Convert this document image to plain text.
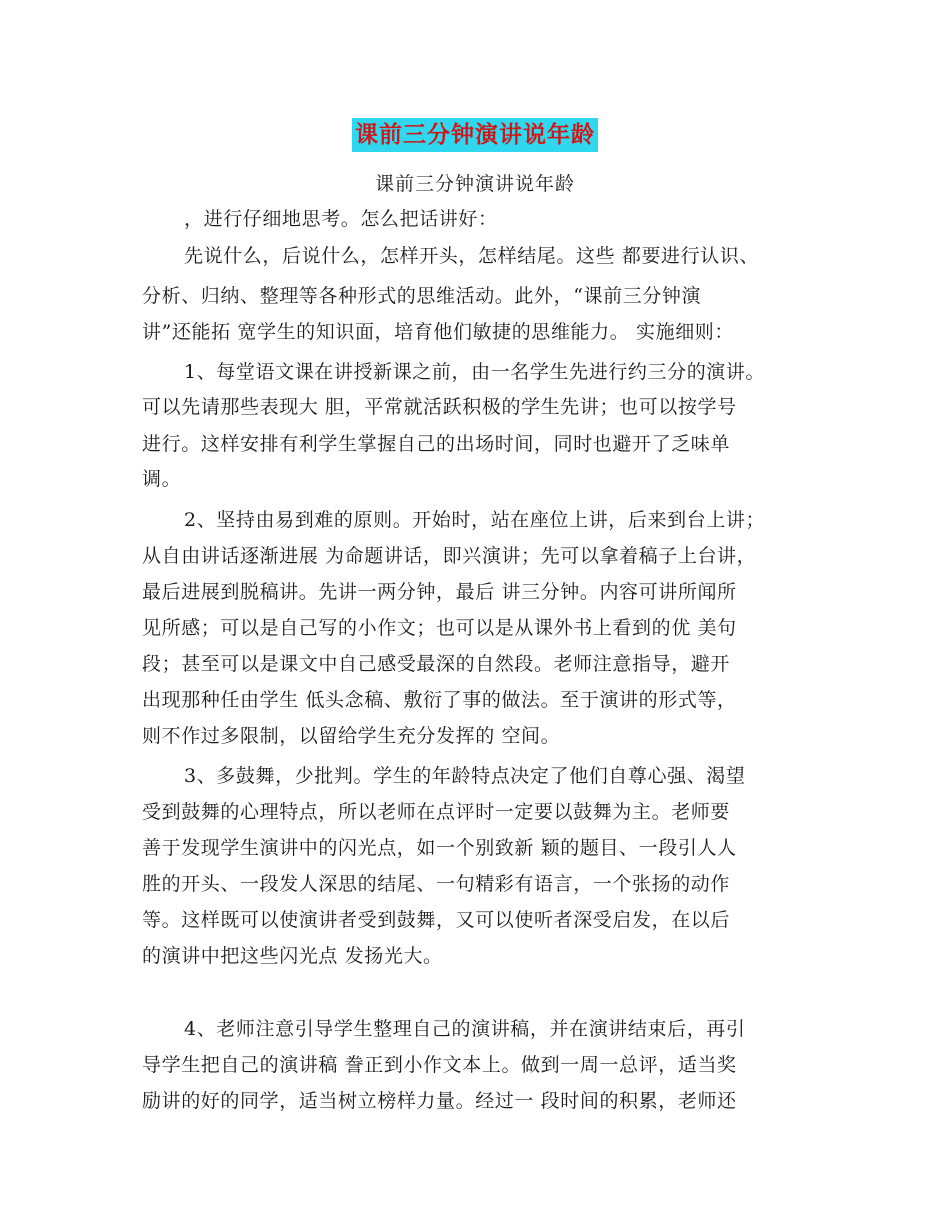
课前三分钟演讲说年龄
课前三分钟演讲说年龄
，进行仔细地思考。怎么把话讲好：
先说什么，后说什么，怎样开头，怎样结尾。这些 都要进行认识、
分析、归纳、整理等各种形式的思维活动。此外，“课前三分钟演
讲”还能拓 宽学生的知识面，培育他们敏捷的思维能力。 实施细则：
1、每堂语文课在讲授新课之前，由一名学生先进行约三分的演讲。
可以先请那些表现大 胆，平常就活跃积极的学生先讲；也可以按学号
进行。这样安排有利学生掌握自己的出场时间，同时也避开了乏味单
调。
2、坚持由易到难的原则。开始时，站在座位上讲，后来到台上讲；
从自由讲话逐渐进展 为命题讲话，即兴演讲；先可以拿着稿子上台讲，
最后进展到脱稿讲。先讲一两分钟，最后 讲三分钟。内容可讲所闻所
见所感；可以是自己写的小作文；也可以是从课外书上看到的优 美句
段；甚至可以是课文中自己感受最深的自然段。老师注意指导，避开
出现那种任由学生 低头念稿、敷衍了事的做法。至于演讲的形式等，
则不作过多限制，以留给学生充分发挥的 空间。
3、多鼓舞，少批判。学生的年龄特点决定了他们自尊心强、渴望
受到鼓舞的心理特点，所以老师在点评时一定要以鼓舞为主。老师要
善于发现学生演讲中的闪光点，如一个别致新 颖的题目、一段引人人
胜的开头、一段发人深思的结尾、一句精彩有语言，一个张扬的动作
等。这样既可以使演讲者受到鼓舞，又可以使听者深受启发，在以后
的演讲中把这些闪光点 发扬光大。
4、老师注意引导学生整理自己的演讲稿，并在演讲结束后，再引
导学生把自己的演讲稿 誊正到小作文本上。做到一周一总评，适当奖
励讲的好的同学，适当树立榜样力量。经过一 段时间的积累，老师还
